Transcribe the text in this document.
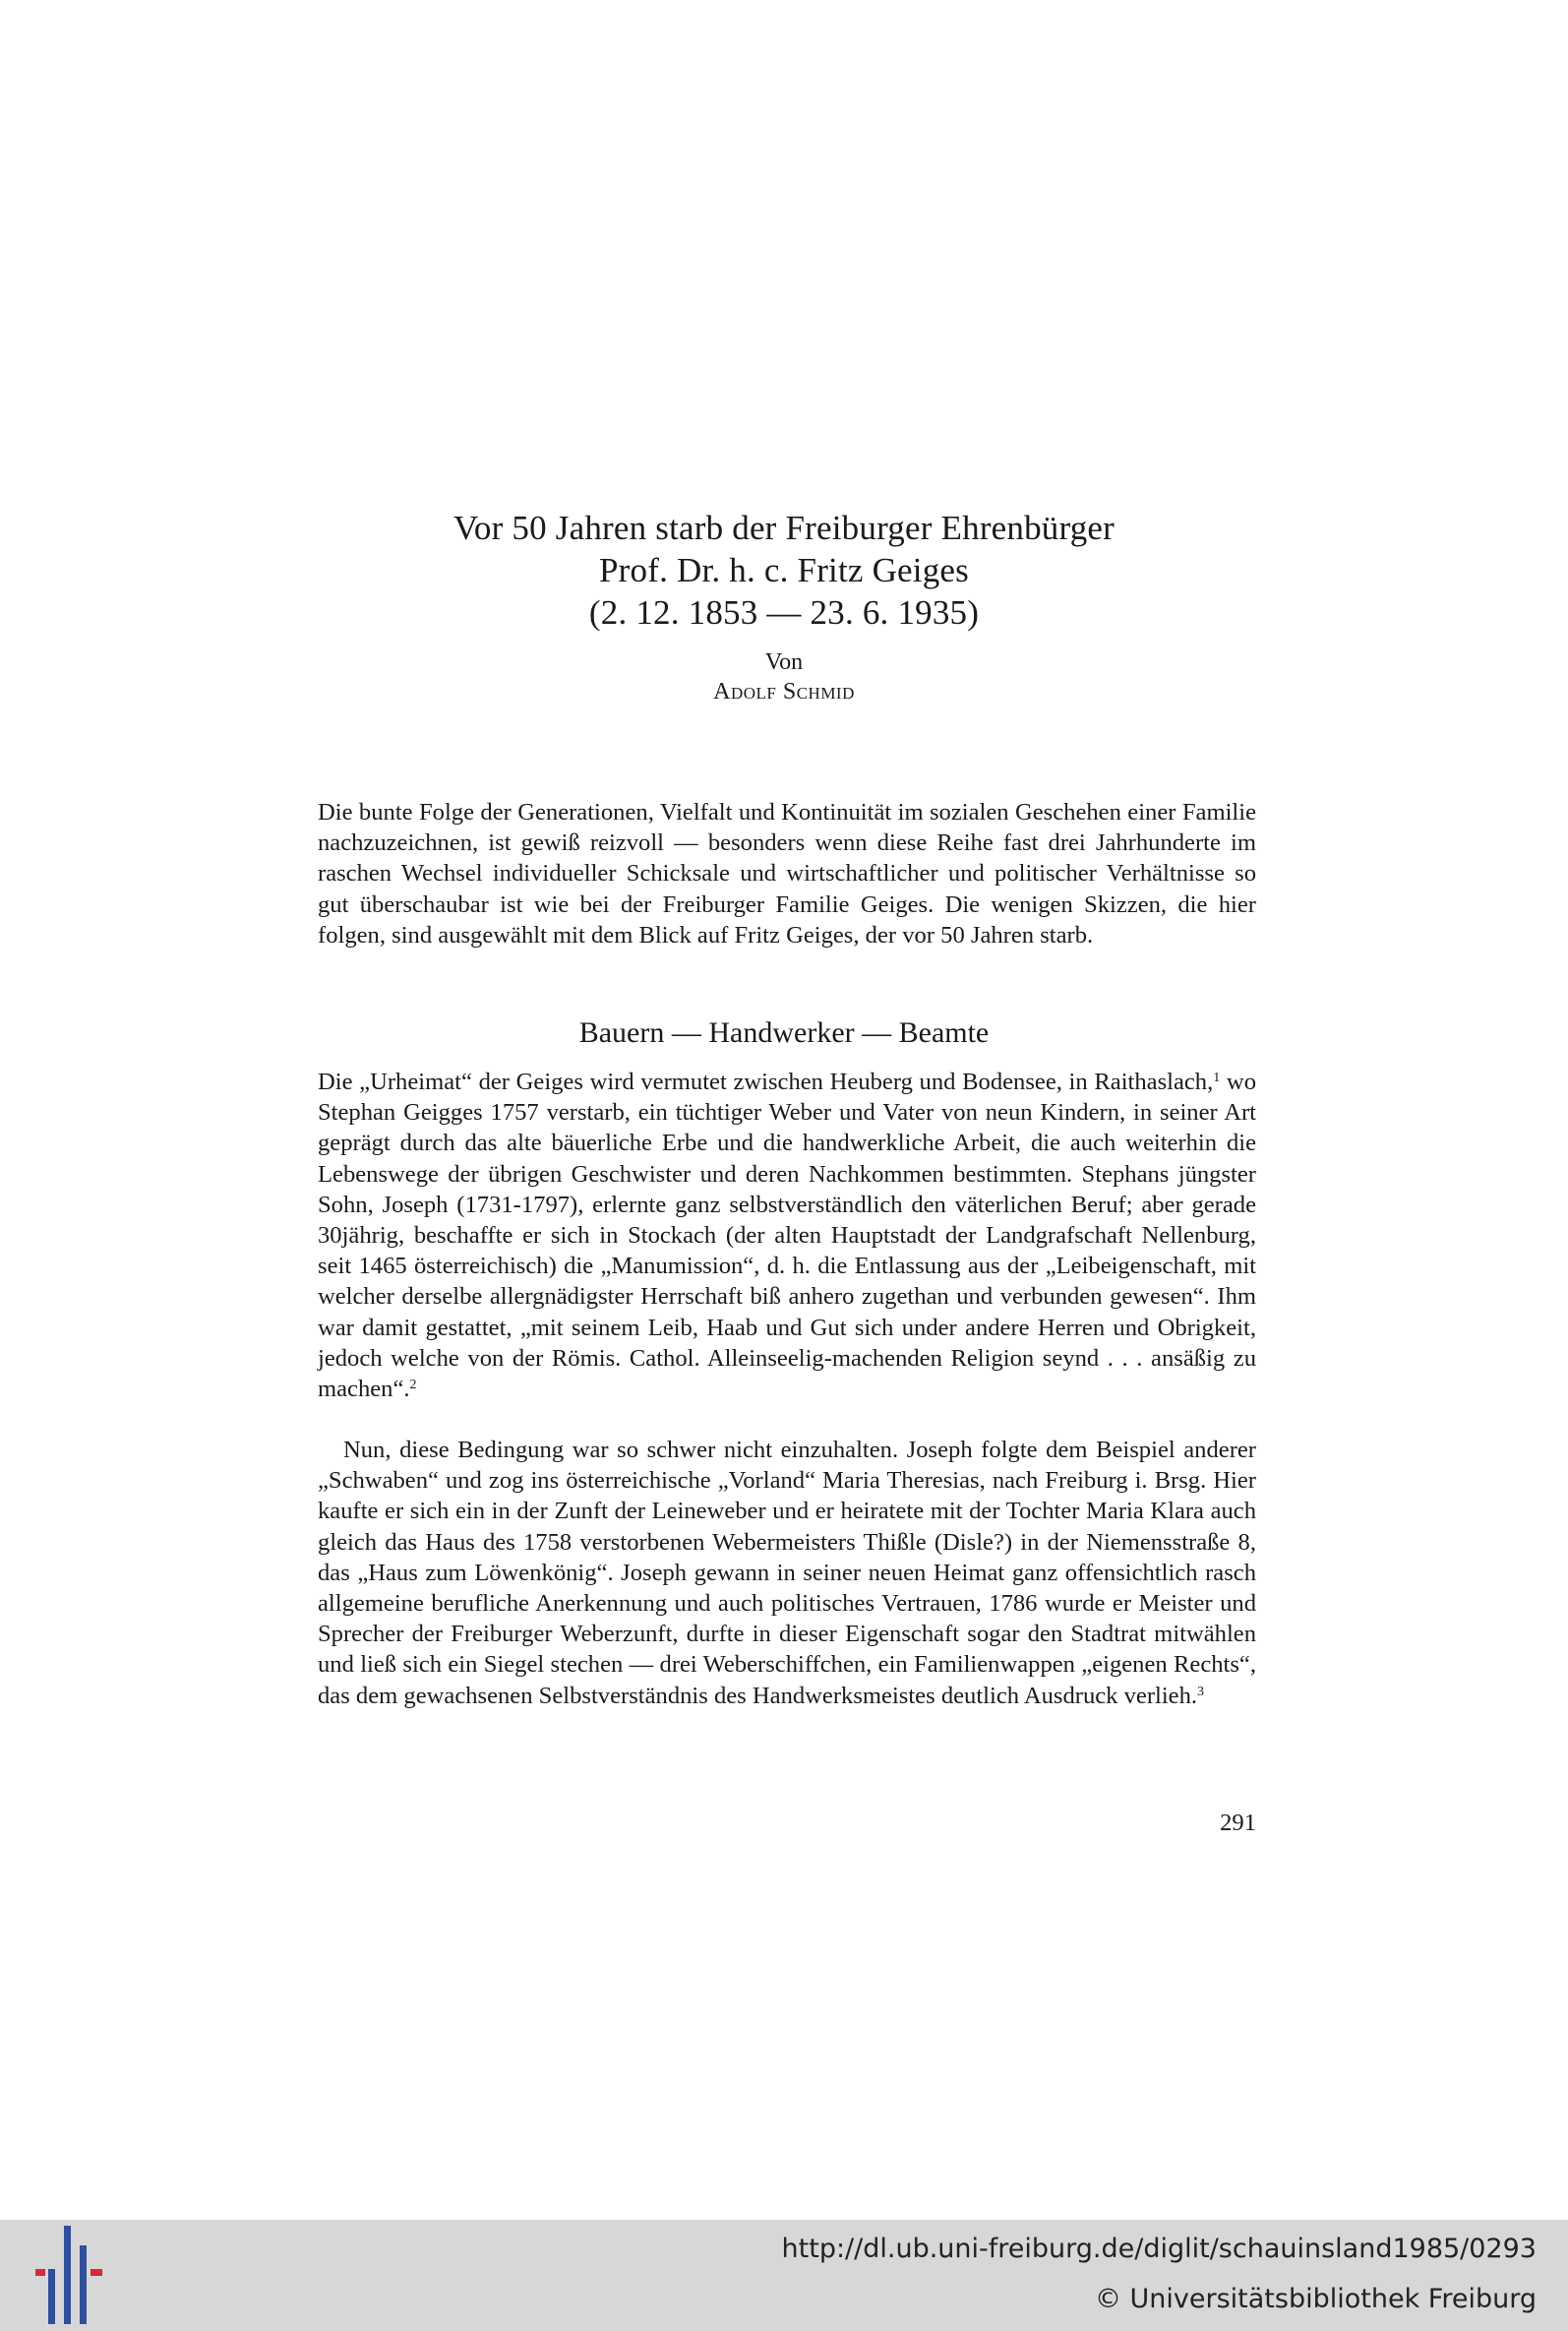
Vor 50 Jahren starb der Freiburger Ehrenbürger
Prof. Dr. h. c. Fritz Geiges
(2. 12. 1853 — 23. 6. 1935)
Von
Adolf Schmid
Die bunte Folge der Generationen, Vielfalt und Kontinuität im sozialen Geschehen einer Familie nachzuzeichnen, ist gewiß reizvoll — besonders wenn diese Reihe fast drei Jahrhunderte im raschen Wechsel individueller Schicksale und wirtschaftlicher und politischer Verhältnisse so gut überschaubar ist wie bei der Freiburger Familie Geiges. Die wenigen Skizzen, die hier folgen, sind ausgewählt mit dem Blick auf Fritz Geiges, der vor 50 Jahren starb.
Bauern — Handwerker — Beamte
Die „Urheimat“ der Geiges wird vermutet zwischen Heuberg und Bodensee, in Raithaslach,$^1$ wo Stephan Geigges 1757 verstarb, ein tüchtiger Weber und Vater von neun Kindern, in seiner Art geprägt durch das alte bäuerliche Erbe und die handwerkliche Arbeit, die auch weiterhin die Lebenswege der übrigen Geschwister und deren Nachkommen bestimmten. Stephans jüngster Sohn, Joseph (1731-1797), erlernte ganz selbstverständlich den väterlichen Beruf; aber gerade 30jährig, beschaffte er sich in Stockach (der alten Hauptstadt der Landgrafschaft Nellenburg, seit 1465 österreichisch) die „Manumission“, d. h. die Entlassung aus der „Leibeigenschaft, mit welcher derselbe allergnädigster Herrschaft biß anhero zugethan und verbunden gewesen“. Ihm war damit gestattet, „mit seinem Leib, Haab und Gut sich under andere Herren und Obrigkeit, jedoch welche von der Römis. Cathol. Alleinseelig-machenden Religion seynd . . . ansäßig zu machen“.$^2$
Nun, diese Bedingung war so schwer nicht einzuhalten. Joseph folgte dem Beispiel anderer „Schwaben“ und zog ins österreichische „Vorland“ Maria Theresias, nach Freiburg i. Brsg. Hier kaufte er sich ein in der Zunft der Leineweber und er heiratete mit der Tochter Maria Klara auch gleich das Haus des 1758 verstorbenen Webermeisters Thißle (Disle?) in der Niemensstraße 8, das „Haus zum Löwenkönig“. Joseph gewann in seiner neuen Heimat ganz offensichtlich rasch allgemeine berufliche Anerkennung und auch politisches Vertrauen, 1786 wurde er Meister und Sprecher der Freiburger Weberzunft, durfte in dieser Eigenschaft sogar den Stadtrat mitwählen und ließ sich ein Siegel stechen — drei Weberschiffchen, ein Familienwappen „eigenen Rechts“, das dem gewachsenen Selbstverständnis des Handwerksmeistes deutlich Ausdruck verlieh.$^3$
291
http://dl.ub.uni-freiburg.de/diglit/schauinsland1985/0293
© Universitätsbibliothek Freiburg
